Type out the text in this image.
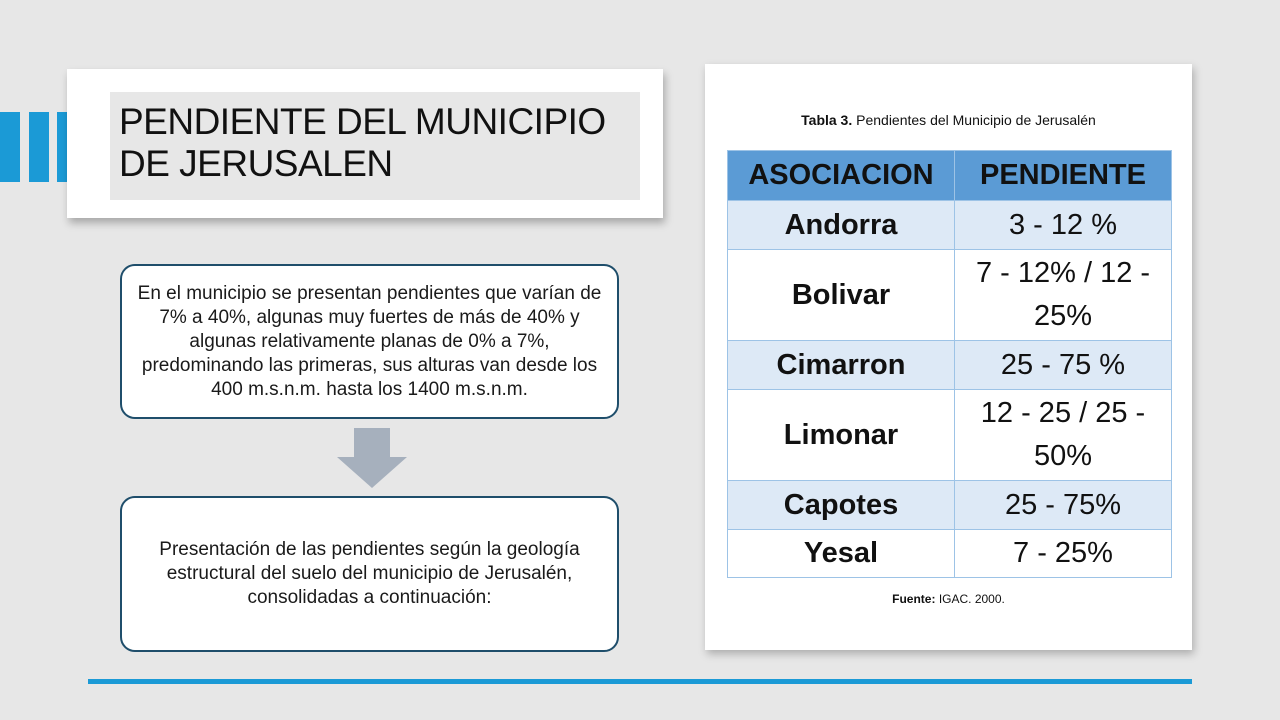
PENDIENTE DEL MUNICIPIO DE JERUSALEN

En el municipio se presentan pendientes que varían de 7% a 40%, algunas muy fuertes de más de 40% y algunas relativamente planas de 0% a 7%, predominando las primeras, sus alturas van desde los 400 m.s.n.m. hasta los 1400 m.s.n.m.

Presentación de las pendientes según la geología estructural del suelo del municipio de Jerusalén, consolidadas a continuación:

Tabla 3. Pendientes del Municipio de Jerusalén
ASOCIACION	PENDIENTE
Andorra	3 - 12 %
Bolivar	7 - 12% / 12 - 25%
Cimarron	25 - 75 %
Limonar	12 - 25 / 25 - 50%
Capotes	25 - 75%
Yesal	7 - 25%
Fuente: IGAC. 2000.
